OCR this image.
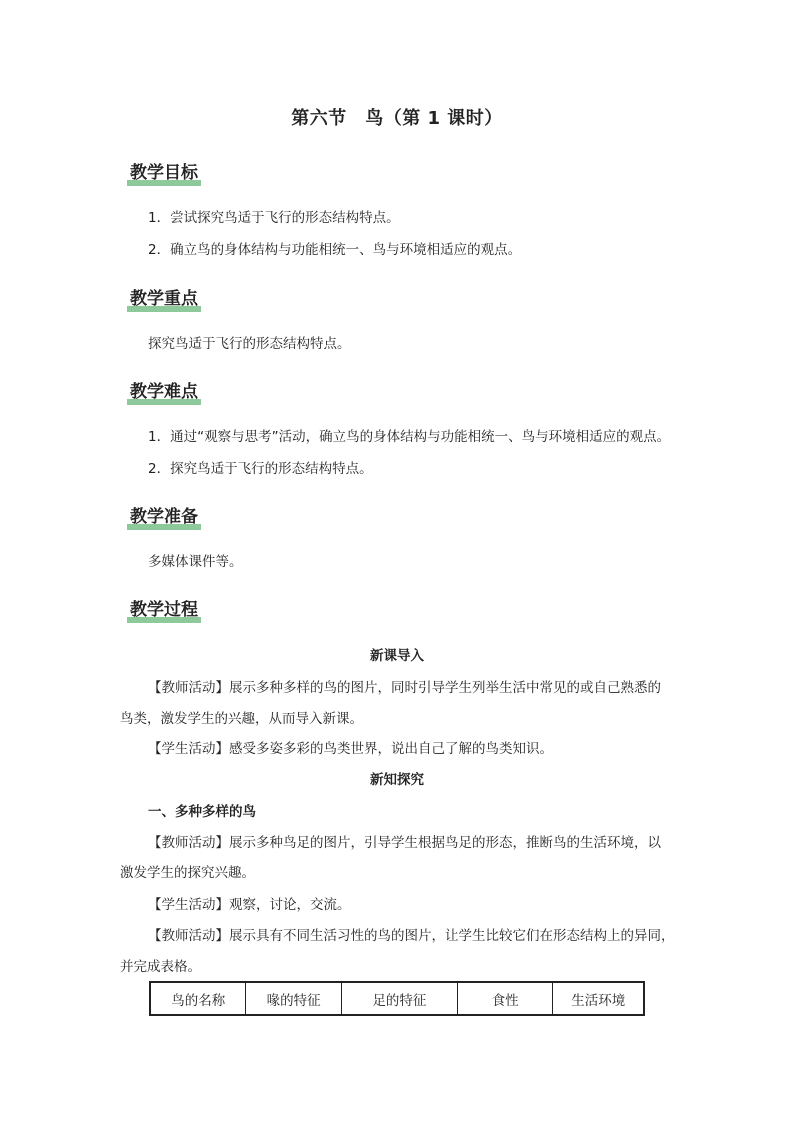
第六节　鸟（第 1 课时）
教学目标
1．尝试探究鸟适于飞行的形态结构特点。
2．确立鸟的身体结构与功能相统一、鸟与环境相适应的观点。
教学重点
探究鸟适于飞行的形态结构特点。
教学难点
1．通过“观察与思考”活动，确立鸟的身体结构与功能相统一、鸟与环境相适应的观点。
2．探究鸟适于飞行的形态结构特点。
教学准备
多媒体课件等。
教学过程
新课导入
【教师活动】展示多种多样的鸟的图片，同时引导学生列举生活中常见的或自己熟悉的
鸟类，激发学生的兴趣，从而导入新课。
【学生活动】感受多姿多彩的鸟类世界，说出自己了解的鸟类知识。
新知探究
一、多种多样的鸟
【教师活动】展示多种鸟足的图片，引导学生根据鸟足的形态，推断鸟的生活环境，以
激发学生的探究兴趣。
【学生活动】观察，讨论，交流。
【教师活动】展示具有不同生活习性的鸟的图片，让学生比较它们在形态结构上的异同，
并完成表格。
鸟的名称	喙的特征	足的特征	食性	生活环境
